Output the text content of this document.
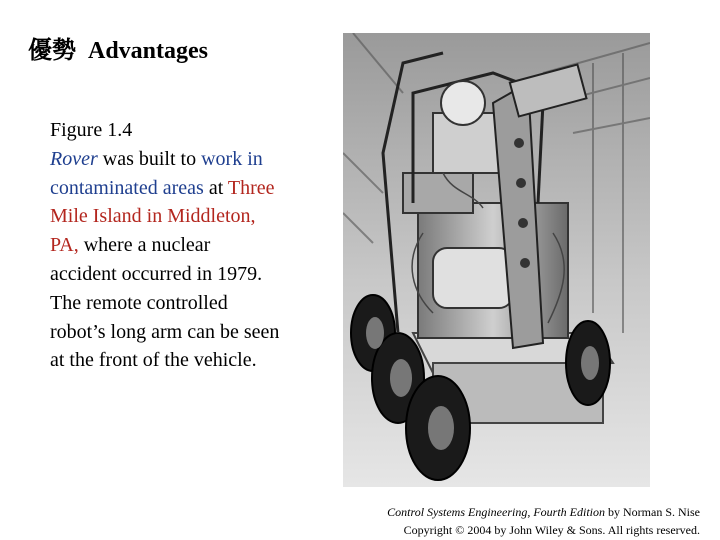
優勢 Advantages
Figure 1.4
Rover was built to work in contaminated areas at Three Mile Island in Middleton, PA, where a nuclear accident occurred in 1979. The remote controlled robot’s long arm can be seen at the front of the vehicle.
Control Systems Engineering, Fourth Edition by Norman S. Nise
Copyright © 2004 by John Wiley & Sons. All rights reserved.
